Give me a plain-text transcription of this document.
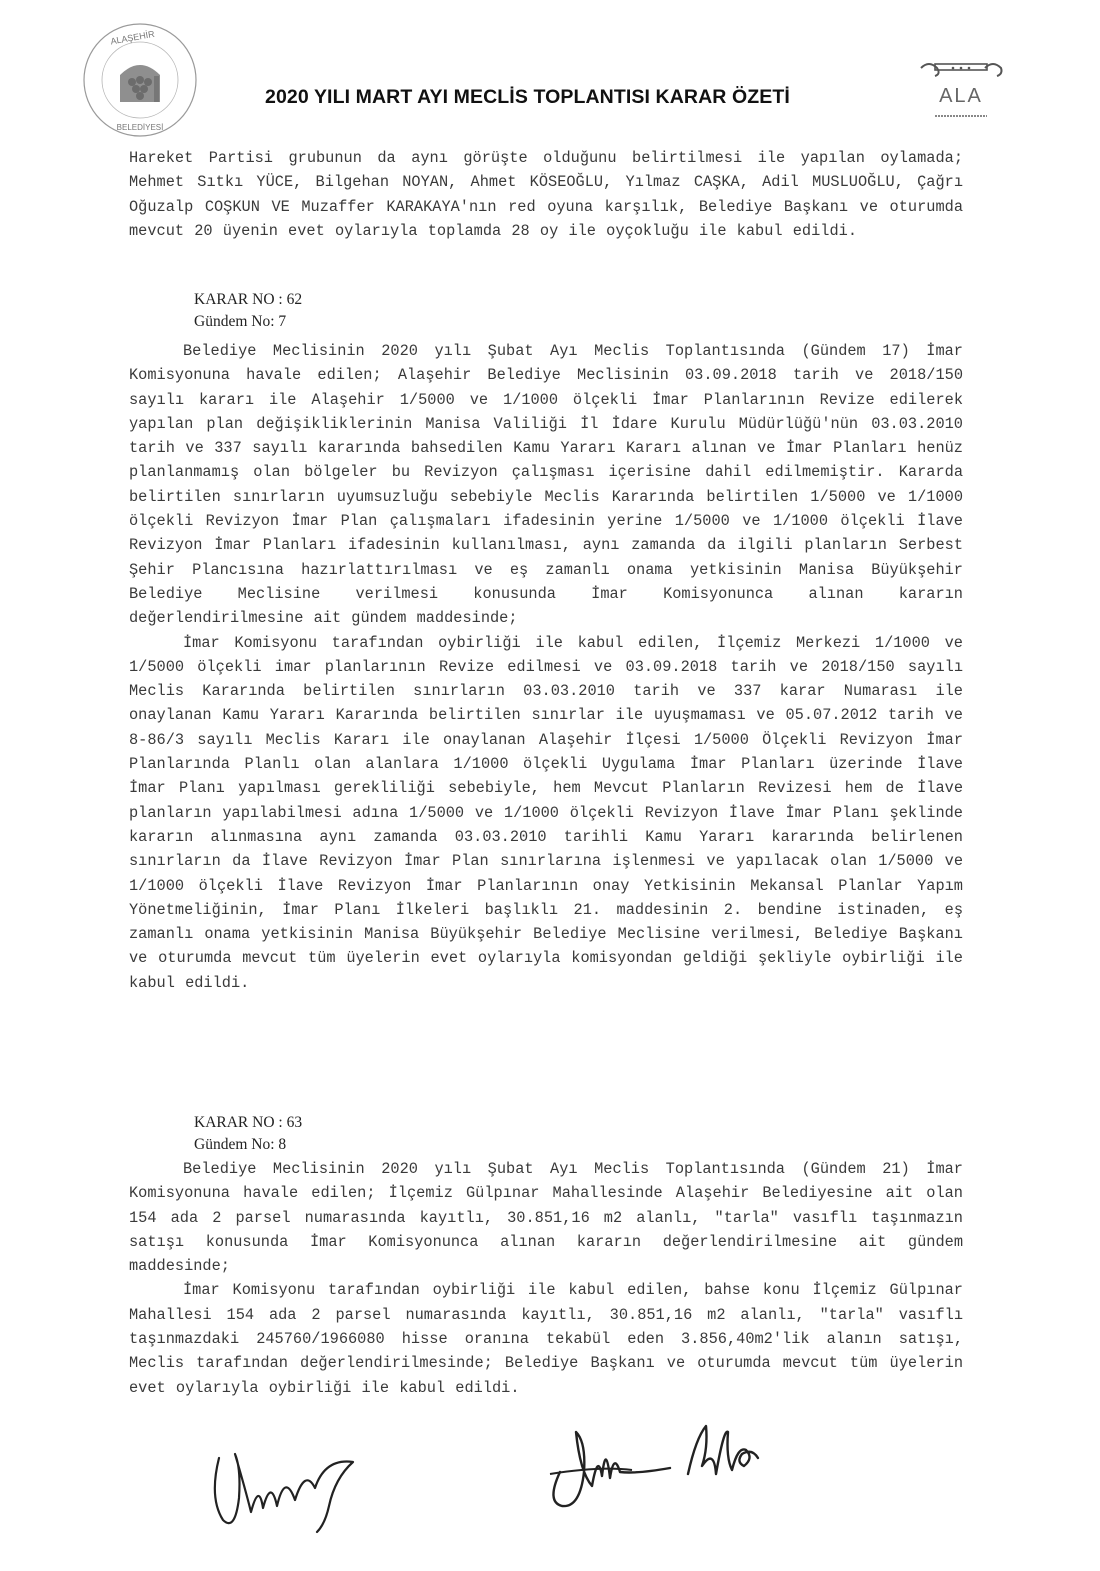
ALAŞEHİR
BELEDİYESİ
2020 YILI MART AYI MECLİS TOPLANTISI KARAR ÖZETİ	ALA

Hareket Partisi grubunun da aynı görüşte olduğunu belirtilmesi ile yapılan oylamada; Mehmet Sıtkı YÜCE, Bilgehan NOYAN, Ahmet KÖSEOĞLU, Yılmaz CAŞKA, Adil MUSLUOĞLU, Çağrı Oğuzalp COŞKUN VE Muzaffer KARAKAYA'nın red oyuna karşılık, Belediye Başkanı ve oturumda mevcut 20 üyenin evet oylarıyla toplamda 28 oy ile oyçokluğu ile kabul edildi.

KARAR NO : 62
Gündem No: 7

Belediye Meclisinin 2020 yılı Şubat Ayı Meclis Toplantısında (Gündem 17) İmar Komisyonuna havale edilen; Alaşehir Belediye Meclisinin 03.09.2018 tarih ve 2018/150 sayılı kararı ile Alaşehir 1/5000 ve 1/1000 ölçekli İmar Planlarının Revize edilerek yapılan plan değişikliklerinin Manisa Valiliği İl İdare Kurulu Müdürlüğü'nün 03.03.2010 tarih ve 337 sayılı kararında bahsedilen Kamu Yararı Kararı alınan ve İmar Planları henüz planlanmamış olan bölgeler bu Revizyon çalışması içerisine dahil edilmemiştir. Kararda belirtilen sınırların uyumsuzluğu sebebiyle Meclis Kararında belirtilen 1/5000 ve 1/1000 ölçekli Revizyon İmar Plan çalışmaları ifadesinin yerine 1/5000 ve 1/1000 ölçekli İlave Revizyon İmar Planları ifadesinin kullanılması, aynı zamanda da ilgili planların Serbest Şehir Plancısına hazırlattırılması ve eş zamanlı onama yetkisinin Manisa Büyükşehir Belediye Meclisine verilmesi konusunda İmar Komisyonunca alınan kararın değerlendirilmesine ait gündem maddesinde;

İmar Komisyonu tarafından oybirliği ile kabul edilen, İlçemiz Merkezi 1/1000 ve 1/5000 ölçekli imar planlarının Revize edilmesi ve 03.09.2018 tarih ve 2018/150 sayılı Meclis Kararında belirtilen sınırların 03.03.2010 tarih ve 337 karar Numarası ile onaylanan Kamu Yararı Kararında belirtilen sınırlar ile uyuşmaması ve 05.07.2012 tarih ve 8-86/3 sayılı Meclis Kararı ile onaylanan Alaşehir İlçesi 1/5000 Ölçekli Revizyon İmar Planlarında Planlı olan alanlara 1/1000 ölçekli Uygulama İmar Planları üzerinde İlave İmar Planı yapılması gerekliliği sebebiyle, hem Mevcut Planların Revizesi hem de İlave planların yapılabilmesi adına 1/5000 ve 1/1000 ölçekli Revizyon İlave İmar Planı şeklinde kararın alınmasına aynı zamanda 03.03.2010 tarihli Kamu Yararı kararında belirlenen sınırların da İlave Revizyon İmar Plan sınırlarına işlenmesi ve yapılacak olan 1/5000 ve 1/1000 ölçekli İlave Revizyon İmar Planlarının onay Yetkisinin Mekansal Planlar Yapım Yönetmeliğinin, İmar Planı İlkeleri başlıklı 21. maddesinin 2. bendine istinaden, eş zamanlı onama yetkisinin Manisa Büyükşehir Belediye Meclisine verilmesi, Belediye Başkanı ve oturumda mevcut tüm üyelerin evet oylarıyla komisyondan geldiği şekliyle oybirliği ile kabul edildi.

KARAR NO : 63
Gündem No: 8

Belediye Meclisinin 2020 yılı Şubat Ayı Meclis Toplantısında (Gündem 21) İmar Komisyonuna havale edilen; İlçemiz Gülpınar Mahallesinde Alaşehir Belediyesine ait olan 154 ada 2 parsel numarasında kayıtlı, 30.851,16 m2 alanlı, "tarla" vasıflı taşınmazın satışı konusunda İmar Komisyonunca alınan kararın değerlendirilmesine ait gündem maddesinde;

İmar Komisyonu tarafından oybirliği ile kabul edilen, bahse konu İlçemiz Gülpınar Mahallesi 154 ada 2 parsel numarasında kayıtlı, 30.851,16 m2 alanlı, "tarla" vasıflı taşınmazdaki 245760/1966080 hisse oranına tekabül eden 3.856,40m2'lik alanın satışı, Meclis tarafından değerlendirilmesinde; Belediye Başkanı ve oturumda mevcut tüm üyelerin evet oylarıyla oybirliği ile kabul edildi.
